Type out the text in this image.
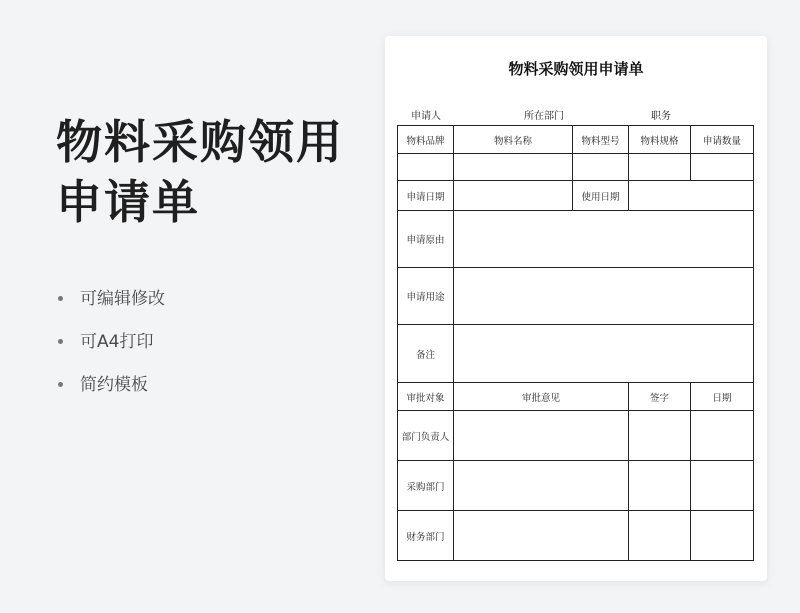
物料采购领用
申请单
可编辑修改
可A4打印
简约模板
物料采购领用申请单
申请人	所在部门	职务
物料品牌	物料名称	物料型号	物料规格	申请数量

申请日期		使用日期		
申请原由				
申请用途				
备注				
审批对象	审批意见		签字	日期
部门负责人				
采购部门				
财务部门				
